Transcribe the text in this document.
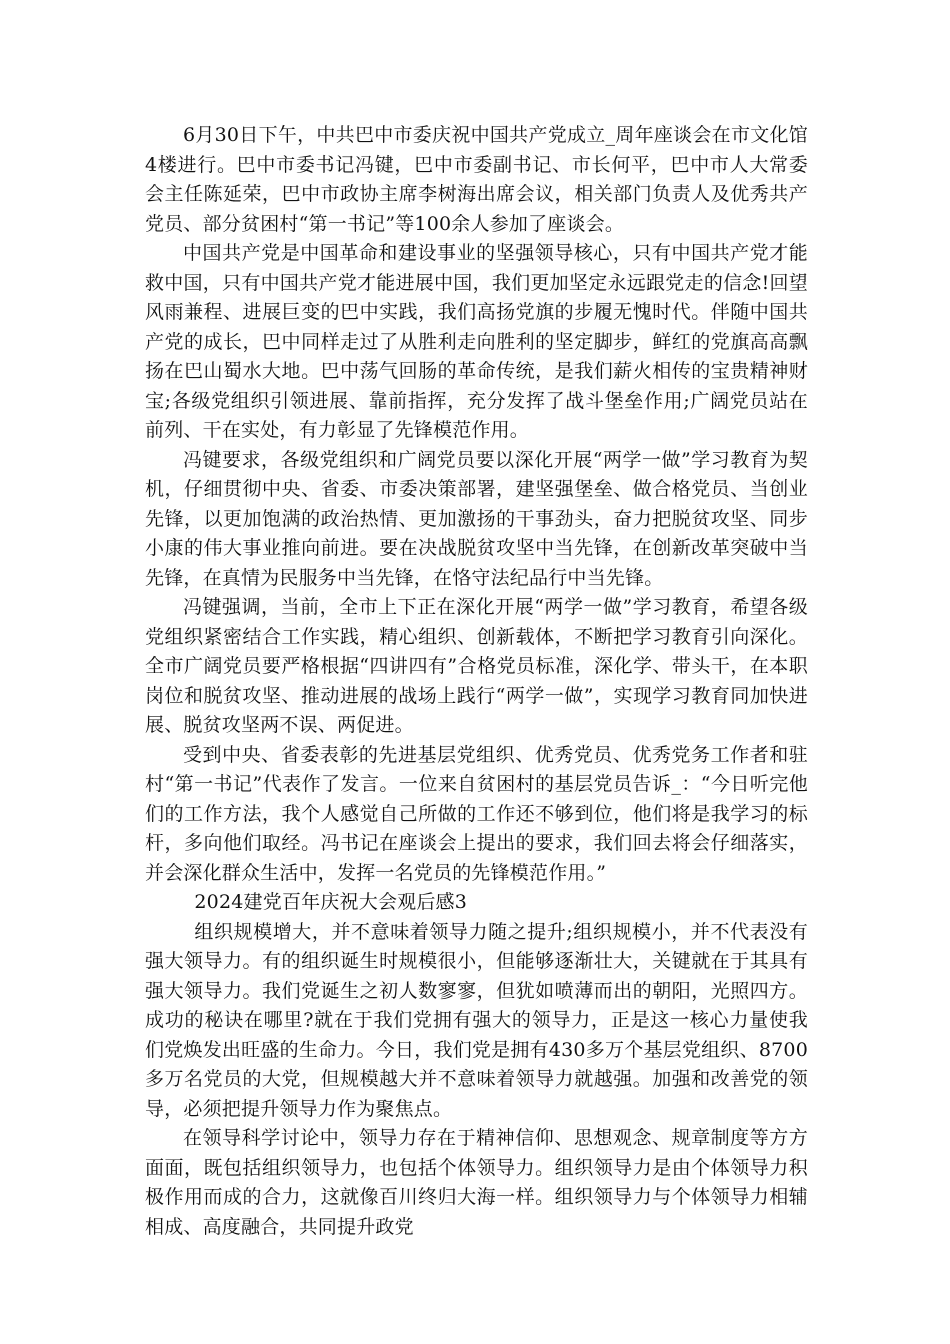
6月30日下午，中共巴中市委庆祝中国共产党成立_周年座谈会在市文化馆4楼进行。巴中市委书记冯键，巴中市委副书记、市长何平，巴中市人大常委会主任陈延荣，巴中市政协主席李树海出席会议，相关部门负责人及优秀共产党员、部分贫困村“第一书记”等100余人参加了座谈会。

中国共产党是中国革命和建设事业的坚强领导核心，只有中国共产党才能救中国，只有中国共产党才能进展中国，我们更加坚定永远跟党走的信念!回望风雨兼程、进展巨变的巴中实践，我们高扬党旗的步履无愧时代。伴随中国共产党的成长，巴中同样走过了从胜利走向胜利的坚定脚步，鲜红的党旗高高飘扬在巴山蜀水大地。巴中荡气回肠的革命传统，是我们薪火相传的宝贵精神财宝;各级党组织引领进展、靠前指挥，充分发挥了战斗堡垒作用;广阔党员站在前列、干在实处，有力彰显了先锋模范作用。

冯键要求，各级党组织和广阔党员要以深化开展“两学一做”学习教育为契机，仔细贯彻中央、省委、市委决策部署，建坚强堡垒、做合格党员、当创业先锋，以更加饱满的政治热情、更加激扬的干事劲头，奋力把脱贫攻坚、同步小康的伟大事业推向前进。要在决战脱贫攻坚中当先锋，在创新改革突破中当先锋，在真情为民服务中当先锋，在恪守法纪品行中当先锋。

冯键强调，当前，全市上下正在深化开展“两学一做”学习教育，希望各级党组织紧密结合工作实践，精心组织、创新载体，不断把学习教育引向深化。全市广阔党员要严格根据“四讲四有”合格党员标准，深化学、带头干，在本职岗位和脱贫攻坚、推动进展的战场上践行“两学一做”，实现学习教育同加快进展、脱贫攻坚两不误、两促进。

受到中央、省委表彰的先进基层党组织、优秀党员、优秀党务工作者和驻村“第一书记”代表作了发言。一位来自贫困村的基层党员告诉_：“今日听完他们的工作方法，我个人感觉自己所做的工作还不够到位，他们将是我学习的标杆，多向他们取经。冯书记在座谈会上提出的要求，我们回去将会仔细落实，并会深化群众生活中，发挥一名党员的先锋模范作用。”

2024建党百年庆祝大会观后感3

组织规模增大，并不意味着领导力随之提升;组织规模小，并不代表没有强大领导力。有的组织诞生时规模很小，但能够逐渐壮大，关键就在于其具有强大领导力。我们党诞生之初人数寥寥，但犹如喷薄而出的朝阳，光照四方。成功的秘诀在哪里?就在于我们党拥有强大的领导力，正是这一核心力量使我们党焕发出旺盛的生命力。今日，我们党是拥有430多万个基层党组织、8700多万名党员的大党，但规模越大并不意味着领导力就越强。加强和改善党的领导，必须把提升领导力作为聚焦点。

在领导科学讨论中，领导力存在于精神信仰、思想观念、规章制度等方方面面，既包括组织领导力，也包括个体领导力。组织领导力是由个体领导力积极作用而成的合力，这就像百川终归大海一样。组织领导力与个体领导力相辅相成、高度融合，共同提升政党
